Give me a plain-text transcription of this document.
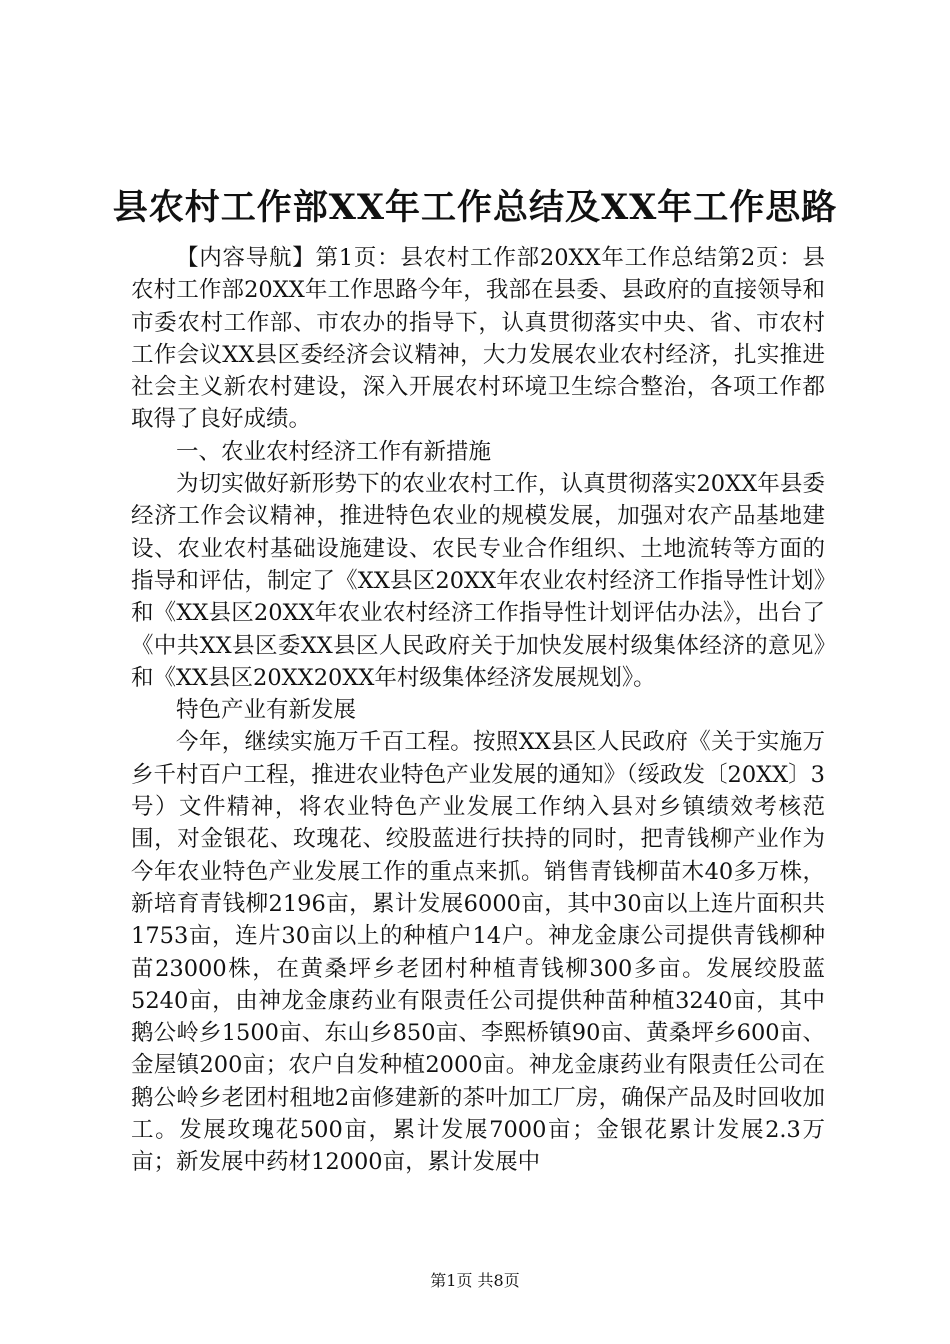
县农村工作部XX年工作总结及XX年工作思路

【内容导航】第1页：县农村工作部20XX年工作总结第2页：县农村工作部20XX年工作思路今年，我部在县委、县政府的直接领导和市委农村工作部、市农办的指导下，认真贯彻落实中央、省、市农村工作会议XX县区委经济会议精神，大力发展农业农村经济，扎实推进社会主义新农村建设，深入开展农村环境卫生综合整治，各项工作都取得了良好成绩。

一、农业农村经济工作有新措施

为切实做好新形势下的农业农村工作，认真贯彻落实20XX年县委经济工作会议精神，推进特色农业的规模发展，加强对农产品基地建设、农业农村基础设施建设、农民专业合作组织、土地流转等方面的指导和评估，制定了《XX县区20XX年农业农村经济工作指导性计划》和《XX县区20XX年农业农村经济工作指导性计划评估办法》，出台了《中共XX县区委XX县区人民政府关于加快发展村级集体经济的意见》和《XX县区20XX20XX年村级集体经济发展规划》。

特色产业有新发展

今年，继续实施万千百工程。按照XX县区人民政府《关于实施万乡千村百户工程，推进农业特色产业发展的通知》（绥政发〔20XX〕3号）文件精神，将农业特色产业发展工作纳入县对乡镇绩效考核范围，对金银花、玫瑰花、绞股蓝进行扶持的同时，把青钱柳产业作为今年农业特色产业发展工作的重点来抓。销售青钱柳苗木40多万株，新培育青钱柳2196亩，累计发展6000亩，其中30亩以上连片面积共1753亩，连片30亩以上的种植户14户。神龙金康公司提供青钱柳种苗23000株，在黄桑坪乡老团村种植青钱柳300多亩。发展绞股蓝5240亩，由神龙金康药业有限责任公司提供种苗种植3240亩，其中鹅公岭乡1500亩、东山乡850亩、李熙桥镇90亩、黄桑坪乡600亩、金屋镇200亩；农户自发种植2000亩。神龙金康药业有限责任公司在鹅公岭乡老团村租地2亩修建新的茶叶加工厂房，确保产品及时回收加工。发展玫瑰花500亩，累计发展7000亩；金银花累计发展2.3万亩；新发展中药材12000亩，累计发展中

第1页 共8页
